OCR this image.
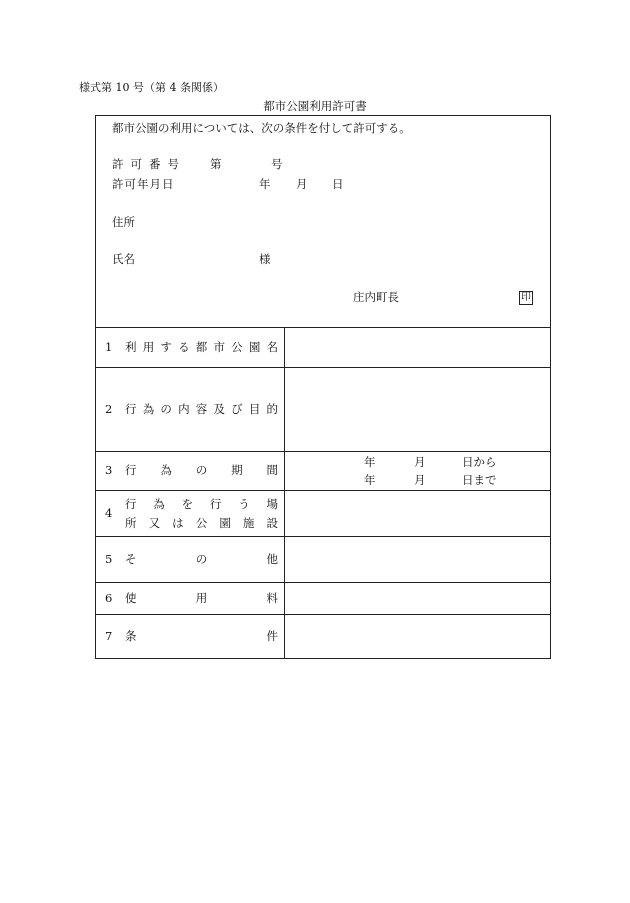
様式第 10 号（第 4 条関係）
都市公園利用許可書
都市公園の利用については、次の条件を付して許可する。
許 可 番 号	第	号
許可年月日	年 月 日
住所
氏名	様
庄内町長	印
1 利 用 す る 都 市 公 園 名
2 行 為 の 内 容 及 び 目 的
3 行 為 の 期 間
年	月	日から
年	月	日まで
4
行 為 を 行 う 場
所 又 は 公 園 施 設
5 そ	の	他
6 使	用	料
7 条	件
